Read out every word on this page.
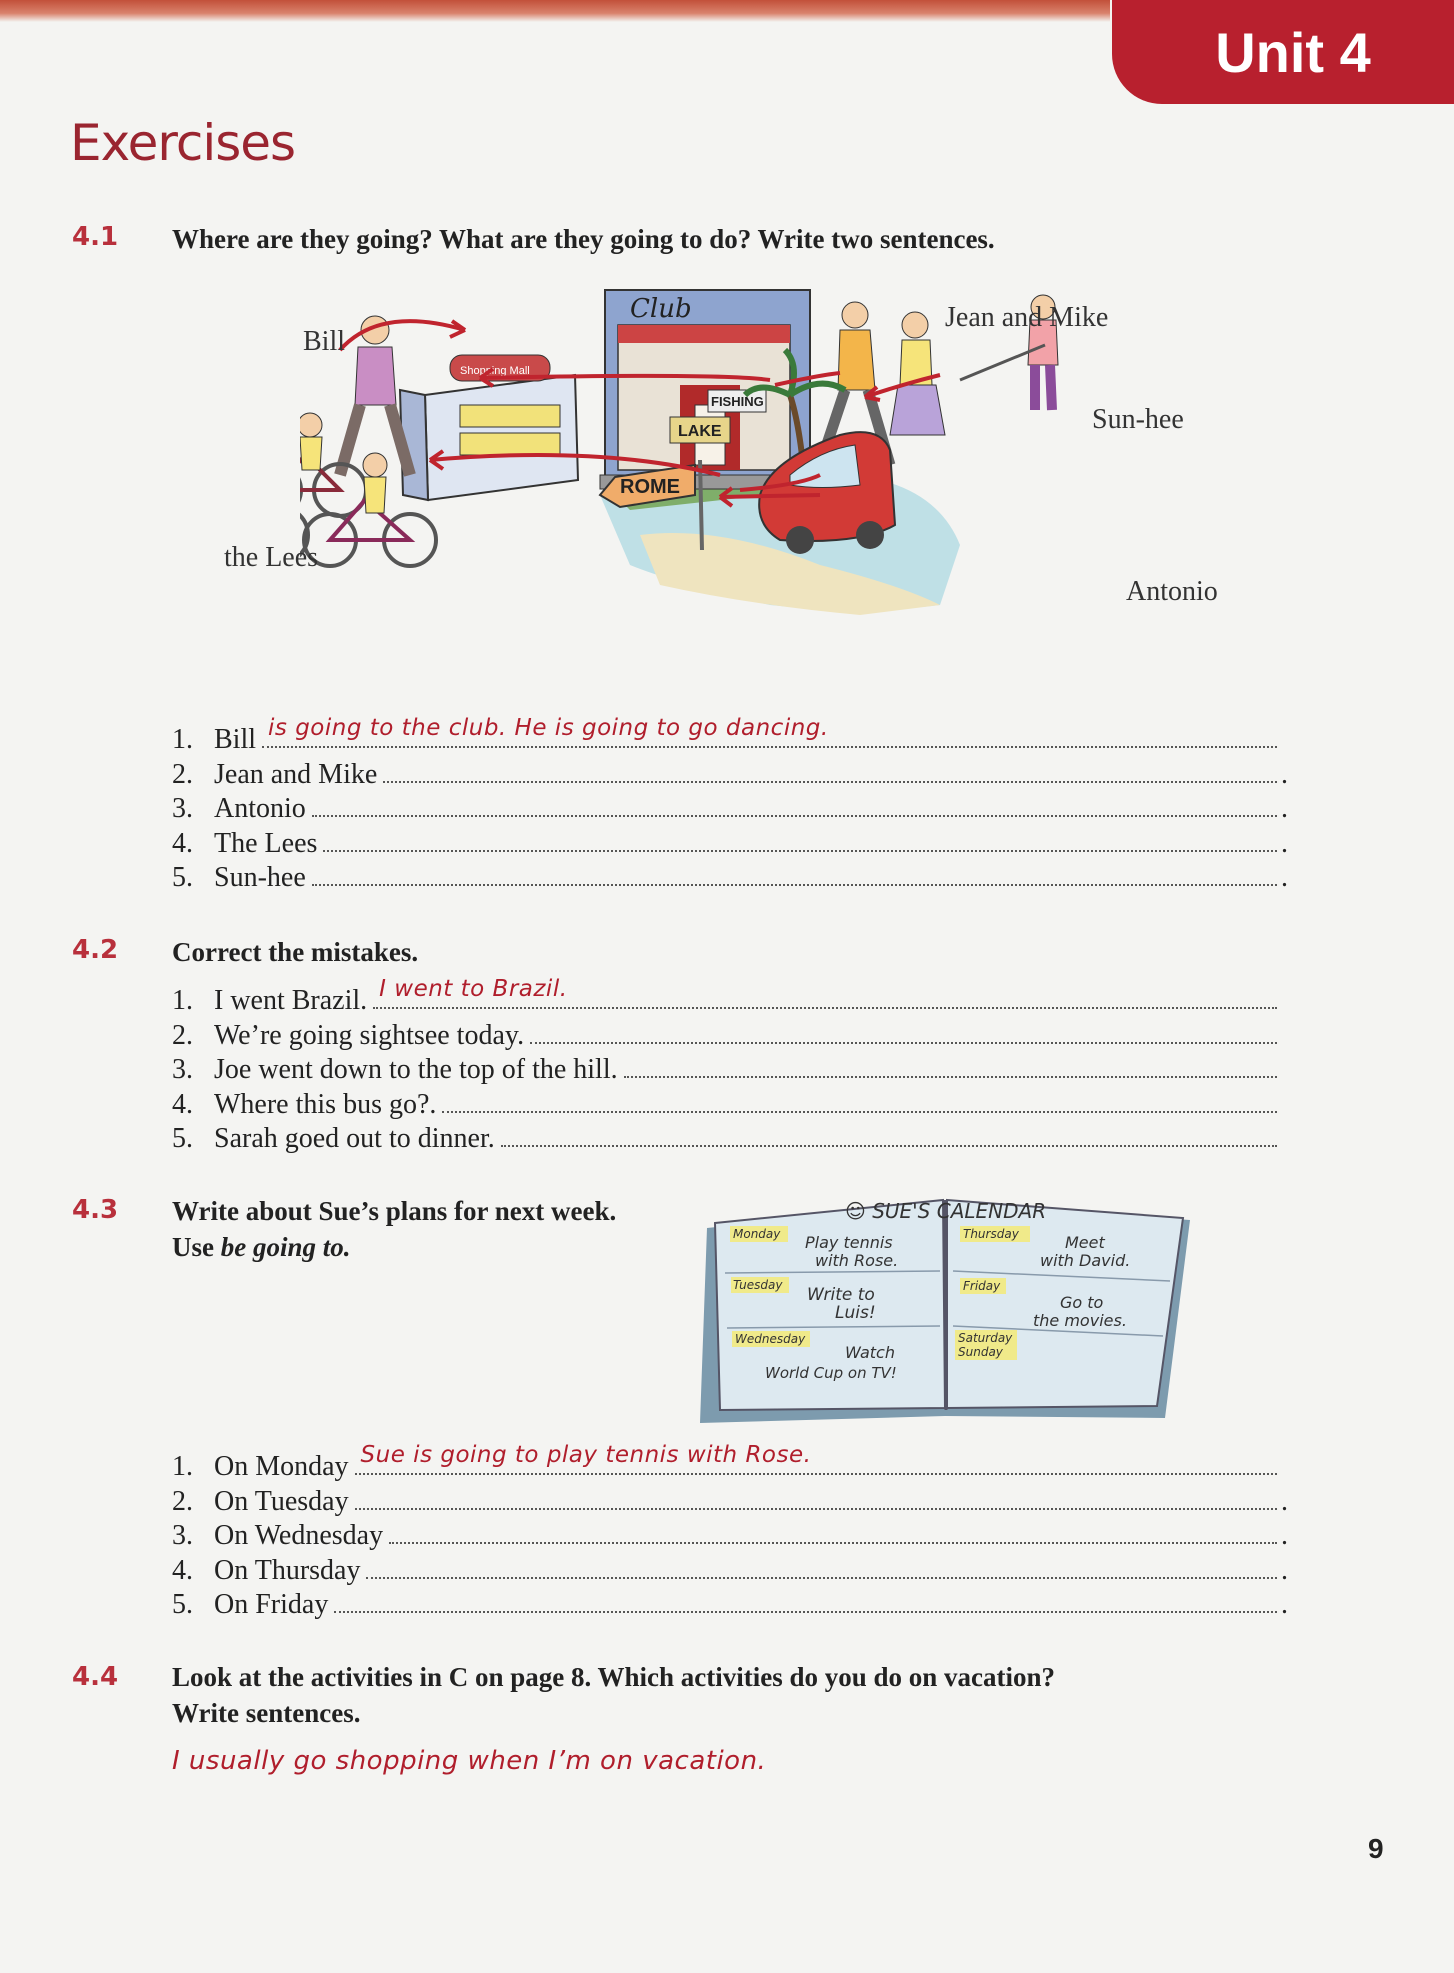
Unit 4
Exercises
4.1 Where are they going? What are they going to do? Write two sentences.
Club
Shopping Mall
FISHING
LAKE
ROME
Bill
Jean and Mike
Sun-hee
the Lees
Antonio
1. Bill is going to the club. He is going to go dancing.
2. Jean and Mike	.
3. Antonio	.
4. The Lees	.
5. Sun-hee	.
4.2 Correct the mistakes.
1. I went Brazil. I went to Brazil.
2. We’re going sightsee today.
3. Joe went down to the top of the hill.
4. Where this bus go?.
5. Sarah goed out to dinner.
4.3 Write about Sue’s plans for next week.
Use be going to.
☺ SUE'S CALENDAR
Monday Play tennis
with Rose.
Tuesday Write to
Luis!
Wednesday
Watch
World Cup on TV!
Thursday	Meet
with David.
Friday
Go to
the movies.
Saturday
Sunday
1. On Monday Sue is going to play tennis with Rose.
2. On Tuesday	.
3. On Wednesday	.
4. On Thursday	.
5. On Friday	.
4.4 Look at the activities in C on page 8. Which activities do you do on vacation?
Write sentences.
I usually go shopping when I’m on vacation.
9
